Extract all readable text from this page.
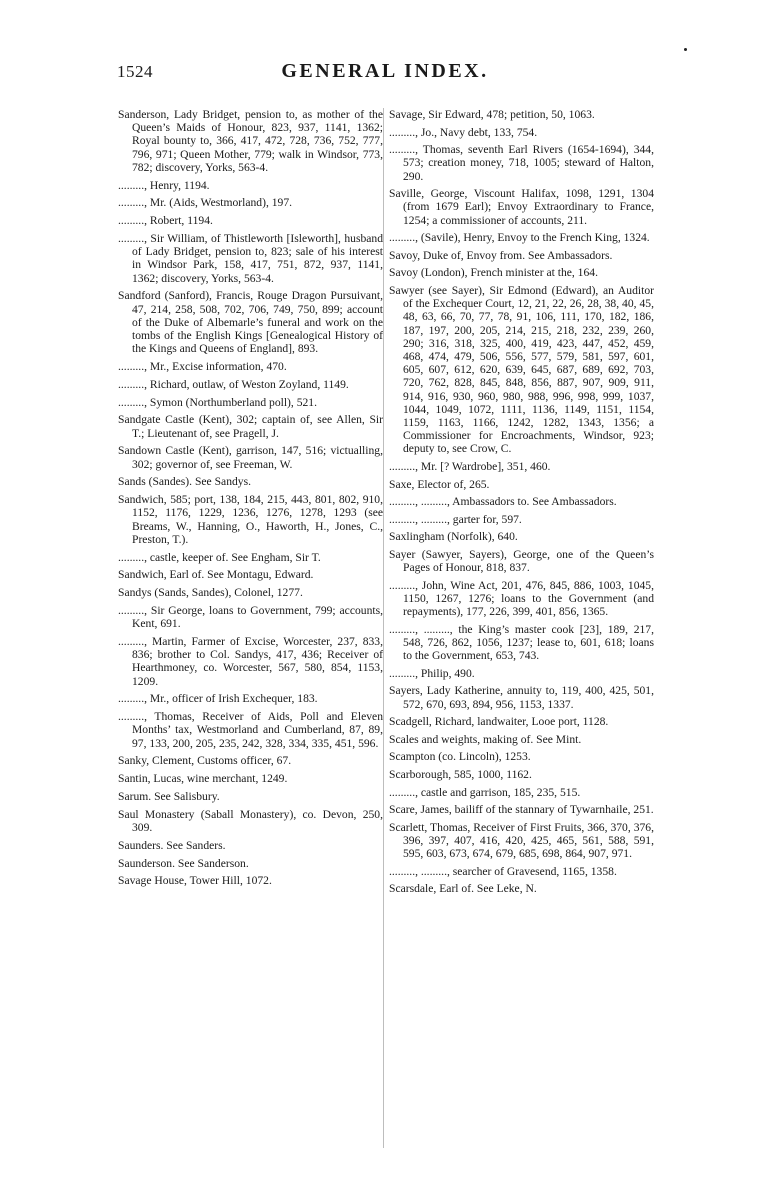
1524	GENERAL INDEX.

Sanderson, Lady Bridget, pension to, as mother of the Queen’s Maids of Honour, 823, 937, 1141, 1362; Royal bounty to, 366, 417, 472, 728, 736, 752, 777, 796, 971; Queen Mother, 779; walk in Windsor, 773, 782; discovery, Yorks, 563-4.

........., Henry, 1194.

........., Mr. (Aids, Westmorland), 197.

........., Robert, 1194.

........., Sir William, of Thistleworth [Isleworth], husband of Lady Bridget, pension to, 823; sale of his interest in Windsor Park, 158, 417, 751, 872, 937, 1141, 1362; discovery, Yorks, 563-4.

Sandford (Sanford), Francis, Rouge Dragon Pursuivant, 47, 214, 258, 508, 702, 706, 749, 750, 899; account of the Duke of Albemarle’s funeral and work on the tombs of the English Kings [Genealogical History of the Kings and Queens of England], 893.

........., Mr., Excise information, 470.

........., Richard, outlaw, of Weston Zoyland, 1149.

........., Symon (Northumberland poll), 521.

Sandgate Castle (Kent), 302; captain of, see Allen, Sir T.; Lieutenant of, see Pragell, J.

Sandown Castle (Kent), garrison, 147, 516; victualling, 302; governor of, see Freeman, W.

Sands (Sandes). See Sandys.

Sandwich, 585; port, 138, 184, 215, 443, 801, 802, 910, 1152, 1176, 1229, 1236, 1276, 1278, 1293 (see Breams, W., Hanning, O., Haworth, H., Jones, C., Preston, T.).

........., castle, keeper of. See Engham, Sir T.

Sandwich, Earl of. See Montagu, Edward.

Sandys (Sands, Sandes), Colonel, 1277.

........., Sir George, loans to Government, 799; accounts, Kent, 691.

........., Martin, Farmer of Excise, Worcester, 237, 833, 836; brother to Col. Sandys, 417, 436; Receiver of Hearthmoney, co. Worcester, 567, 580, 854, 1153, 1209.

........., Mr., officer of Irish Exchequer, 183.

........., Thomas, Receiver of Aids, Poll and Eleven Months’ tax, Westmorland and Cumberland, 87, 89, 97, 133, 200, 205, 235, 242, 328, 334, 335, 451, 596.

Sanky, Clement, Customs officer, 67.

Santin, Lucas, wine merchant, 1249.

Sarum. See Salisbury.

Saul Monastery (Saball Monastery), co. Devon, 250, 309.

Saunders. See Sanders.

Saunderson. See Sanderson.

Savage House, Tower Hill, 1072.

Savage, Sir Edward, 478; petition, 50, 1063.

........., Jo., Navy debt, 133, 754.

........., Thomas, seventh Earl Rivers (1654-1694), 344, 573; creation money, 718, 1005; steward of Halton, 290.

Saville, George, Viscount Halifax, 1098, 1291, 1304 (from 1679 Earl); Envoy Extraordinary to France, 1254; a commissioner of accounts, 211.

........., (Savile), Henry, Envoy to the French King, 1324.

Savoy, Duke of, Envoy from. See Ambassadors.

Savoy (London), French minister at the, 164.

Sawyer (see Sayer), Sir Edmond (Edward), an Auditor of the Exchequer Court, 12, 21, 22, 26, 28, 38, 40, 45, 48, 63, 66, 70, 77, 78, 91, 106, 111, 170, 182, 186, 187, 197, 200, 205, 214, 215, 218, 232, 239, 260, 290; 316, 318, 325, 400, 419, 423, 447, 452, 459, 468, 474, 479, 506, 556, 577, 579, 581, 597, 601, 605, 607, 612, 620, 639, 645, 687, 689, 692, 703, 720, 762, 828, 845, 848, 856, 887, 907, 909, 911, 914, 916, 930, 960, 980, 988, 996, 998, 999, 1037, 1044, 1049, 1072, 1111, 1136, 1149, 1151, 1154, 1159, 1163, 1166, 1242, 1282, 1343, 1356; a Commissioner for Encroachments, Windsor, 923; deputy to, see Crow, C.

........., Mr. [? Wardrobe], 351, 460.

Saxe, Elector of, 265.

........., ........., Ambassadors to. See Ambassadors.

........., ........., garter for, 597.

Saxlingham (Norfolk), 640.

Sayer (Sawyer, Sayers), George, one of the Queen’s Pages of Honour, 818, 837.

........., John, Wine Act, 201, 476, 845, 886, 1003, 1045, 1150, 1267, 1276; loans to the Government (and repayments), 177, 226, 399, 401, 856, 1365.

........., ........., the King’s master cook [23], 189, 217, 548, 726, 862, 1056, 1237; lease to, 601, 618; loans to the Government, 653, 743.

........., Philip, 490.

Sayers, Lady Katherine, annuity to, 119, 400, 425, 501, 572, 670, 693, 894, 956, 1153, 1337.

Scadgell, Richard, landwaiter, Looe port, 1128.

Scales and weights, making of. See Mint.

Scampton (co. Lincoln), 1253.

Scarborough, 585, 1000, 1162.

........., castle and garrison, 185, 235, 515.

Scare, James, bailiff of the stannary of Tywarnhaile, 251.

Scarlett, Thomas, Receiver of First Fruits, 366, 370, 376, 396, 397, 407, 416, 420, 425, 465, 561, 588, 591, 595, 603, 673, 674, 679, 685, 698, 864, 907, 971.

........., ........., searcher of Gravesend, 1165, 1358.

Scarsdale, Earl of. See Leke, N.
